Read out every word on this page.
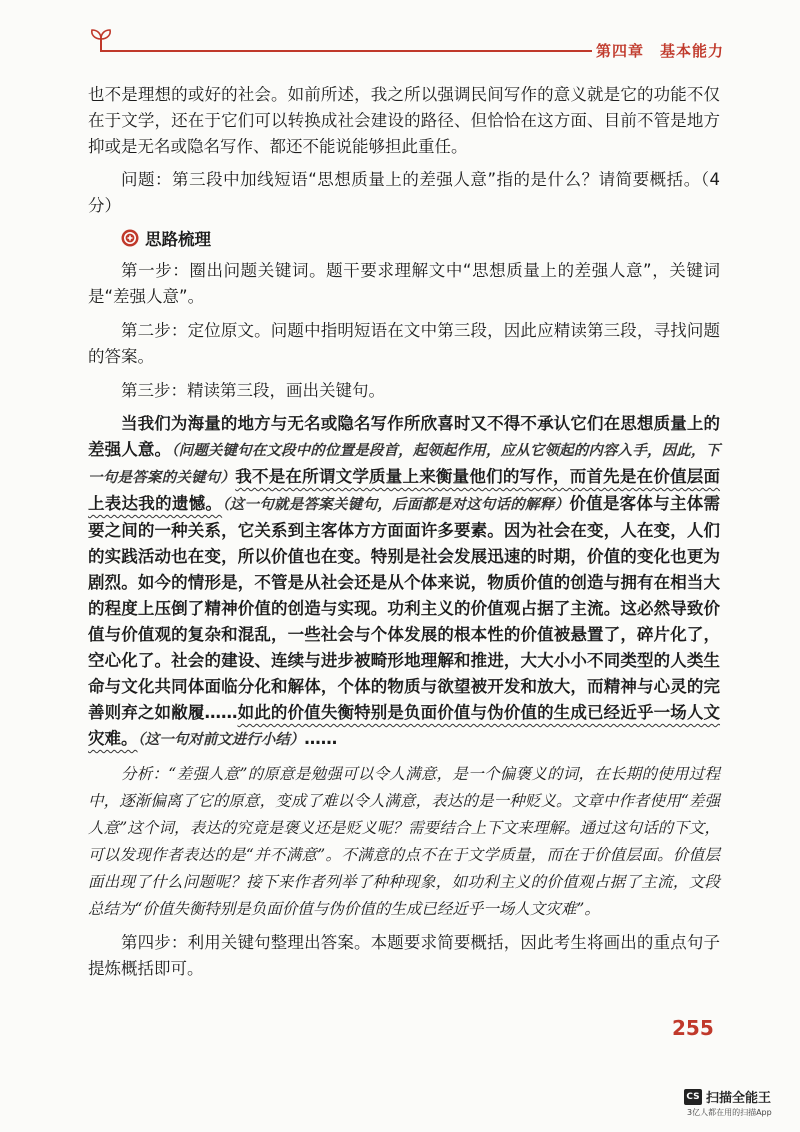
第四章　基本能力

也不是理想的或好的社会。如前所述，我之所以强调民间写作的意义就是它的功能不仅在于文学，还在于它们可以转换成社会建设的路径、但恰恰在这方面、目前不管是地方抑或是无名或隐名写作、都还不能说能够担此重任。

问题：第三段中加线短语“思想质量上的差强人意”指的是什么？请简要概括。（4分）

思路梳理

第一步：圈出问题关键词。题干要求理解文中“思想质量上的差强人意”，关键词是“差强人意”。

第二步：定位原文。问题中指明短语在文中第三段，因此应精读第三段，寻找问题的答案。

第三步：精读第三段，画出关键句。

当我们为海量的地方与无名或隐名写作所欣喜时又不得不承认它们在思想质量上的差强人意。（问题关键句在文段中的位置是段首，起领起作用，应从它领起的内容入手，因此，下一句是答案的关键句）我不是在所谓文学质量上来衡量他们的写作，而首先是在价值层面上表达我的遗憾。（这一句就是答案关键句，后面都是对这句话的解释）价值是客体与主体需要之间的一种关系，它关系到主客体方方面面许多要素。因为社会在变，人在变，人们的实践活动也在变，所以价值也在变。特别是社会发展迅速的时期，价值的变化也更为剧烈。如今的情形是，不管是从社会还是从个体来说，物质价值的创造与拥有在相当大的程度上压倒了精神价值的创造与实现。功利主义的价值观占据了主流。这必然导致价值与价值观的复杂和混乱，一些社会与个体发展的根本性的价值被悬置了，碎片化了，空心化了。社会的建设、连续与进步被畸形地理解和推进，大大小小不同类型的人类生命与文化共同体面临分化和解体，个体的物质与欲望被开发和放大，而精神与心灵的完善则弃之如敝履……如此的价值失衡特别是负面价值与伪价值的生成已经近乎一场人文灾难。（这一句对前文进行小结）……

分析：“差强人意”的原意是勉强可以令人满意，是一个偏褒义的词，在长期的使用过程中，逐渐偏离了它的原意，变成了难以令人满意，表达的是一种贬义。文章中作者使用“差强人意”这个词，表达的究竟是褒义还是贬义呢？需要结合上下文来理解。通过这句话的下文，可以发现作者表达的是“并不满意”。不满意的点不在于文学质量，而在于价值层面。价值层面出现了什么问题呢？接下来作者列举了种种现象，如功利主义的价值观占据了主流，文段总结为“价值失衡特别是负面价值与伪价值的生成已经近乎一场人文灾难”。

第四步：利用关键句整理出答案。本题要求简要概括，因此考生将画出的重点句子提炼概括即可。

255
CS 扫描全能王
3亿人都在用的扫描App
